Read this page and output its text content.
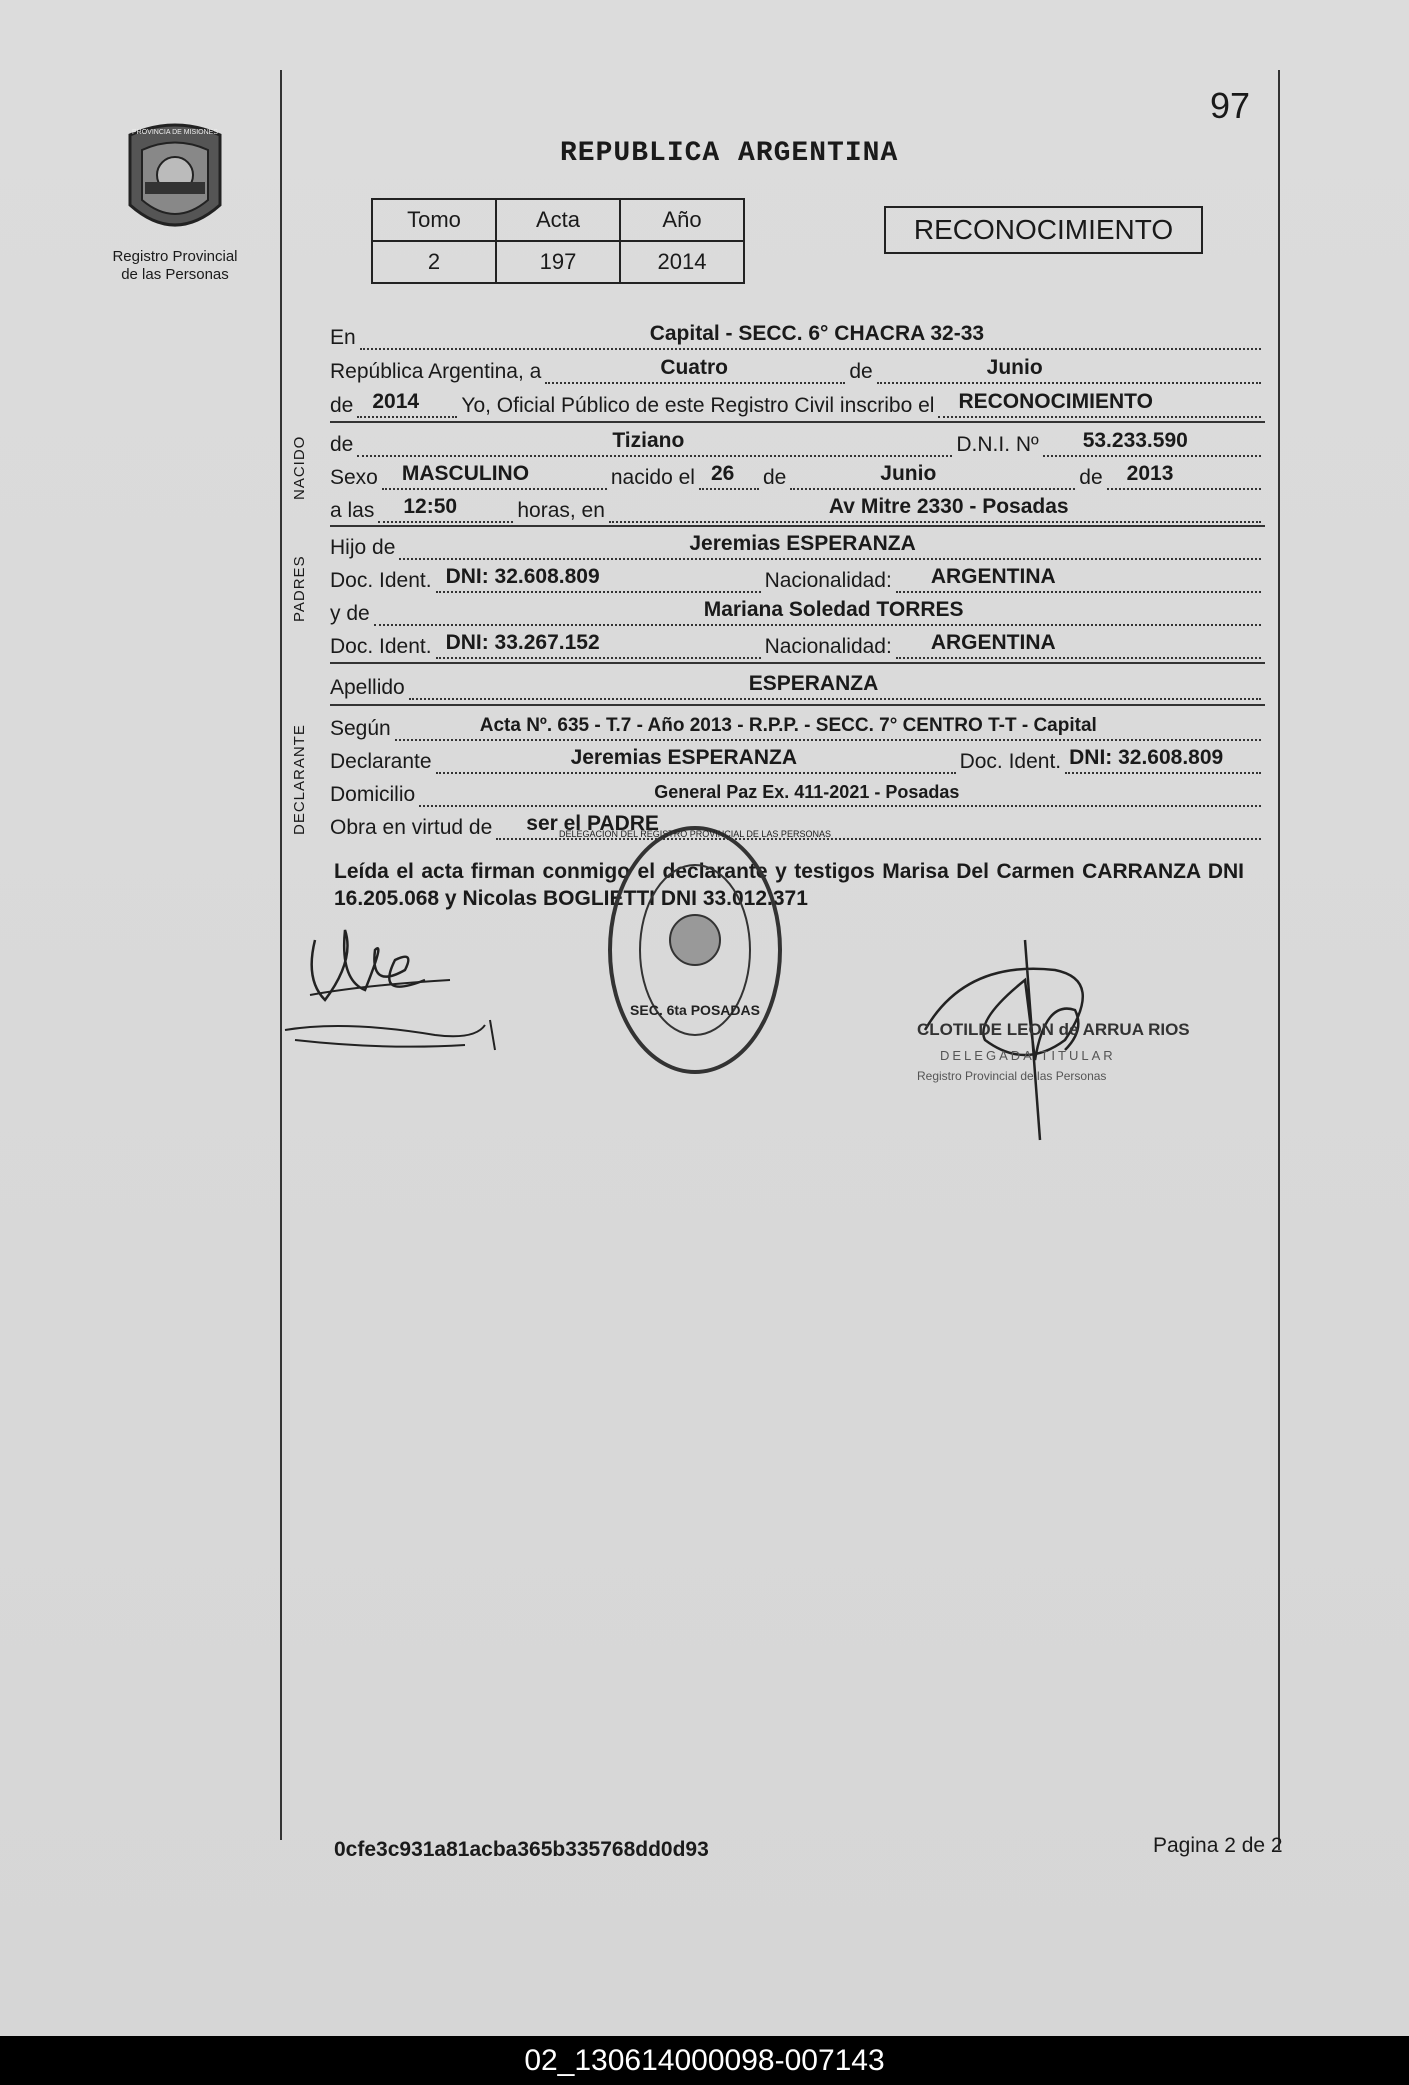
97
PROVINCIA DE MISIONES
Registro Provincial
de las Personas
REPUBLICA ARGENTINA
Tomo	Acta	Año
2	197	2014
RECONOCIMIENTO
NACIDO
PADRES
DECLARANTE
En	Capital - SECC. 6° CHACRA 32-33
República Argentina, a	Cuatro	de	Junio
de 2014 Yo, Oficial Público de este Registro Civil inscribo el RECONOCIMIENTO
de	Tiziano	D.N.I. Nº 53.233.590
Sexo MASCULINO	nacido el 26 de	Junio	de 2013
a las 12:50	horas, en	Av Mitre 2330 - Posadas
Hijo de	Jeremias ESPERANZA
Doc. Ident. DNI: 32.608.809	Nacionalidad: ARGENTINA
y de	Mariana Soledad TORRES
Doc. Ident. DNI: 33.267.152	Nacionalidad: ARGENTINA
Apellido	ESPERANZA
Según	Acta Nº. 635 - T.7 - Año 2013 - R.P.P. - SECC. 7° CENTRO T-T - Capital
Declarante	Jeremias ESPERANZA	Doc. Ident. DNI: 32.608.809
Domicilio	General Paz Ex. 411-2021 - Posadas
Obra en virtud de ser el PADRE
Leída el acta firman conmigo el declarante y testigos Marisa Del Carmen CARRANZA DNI 16.205.068 y Nicolas BOGLIETTI DNI 33.012.371
SEC. 6ta POSADAS
DELEGACION DEL REGISTRO PROVINCIAL DE LAS PERSONAS
CLOTILDE LEON de ARRUA RIOS
DELEGADA TITULAR
Registro Provincial de las Personas
0cfe3c931a81acba365b335768dd0d93	Pagina 2 de 2
02_130614000098-007143
